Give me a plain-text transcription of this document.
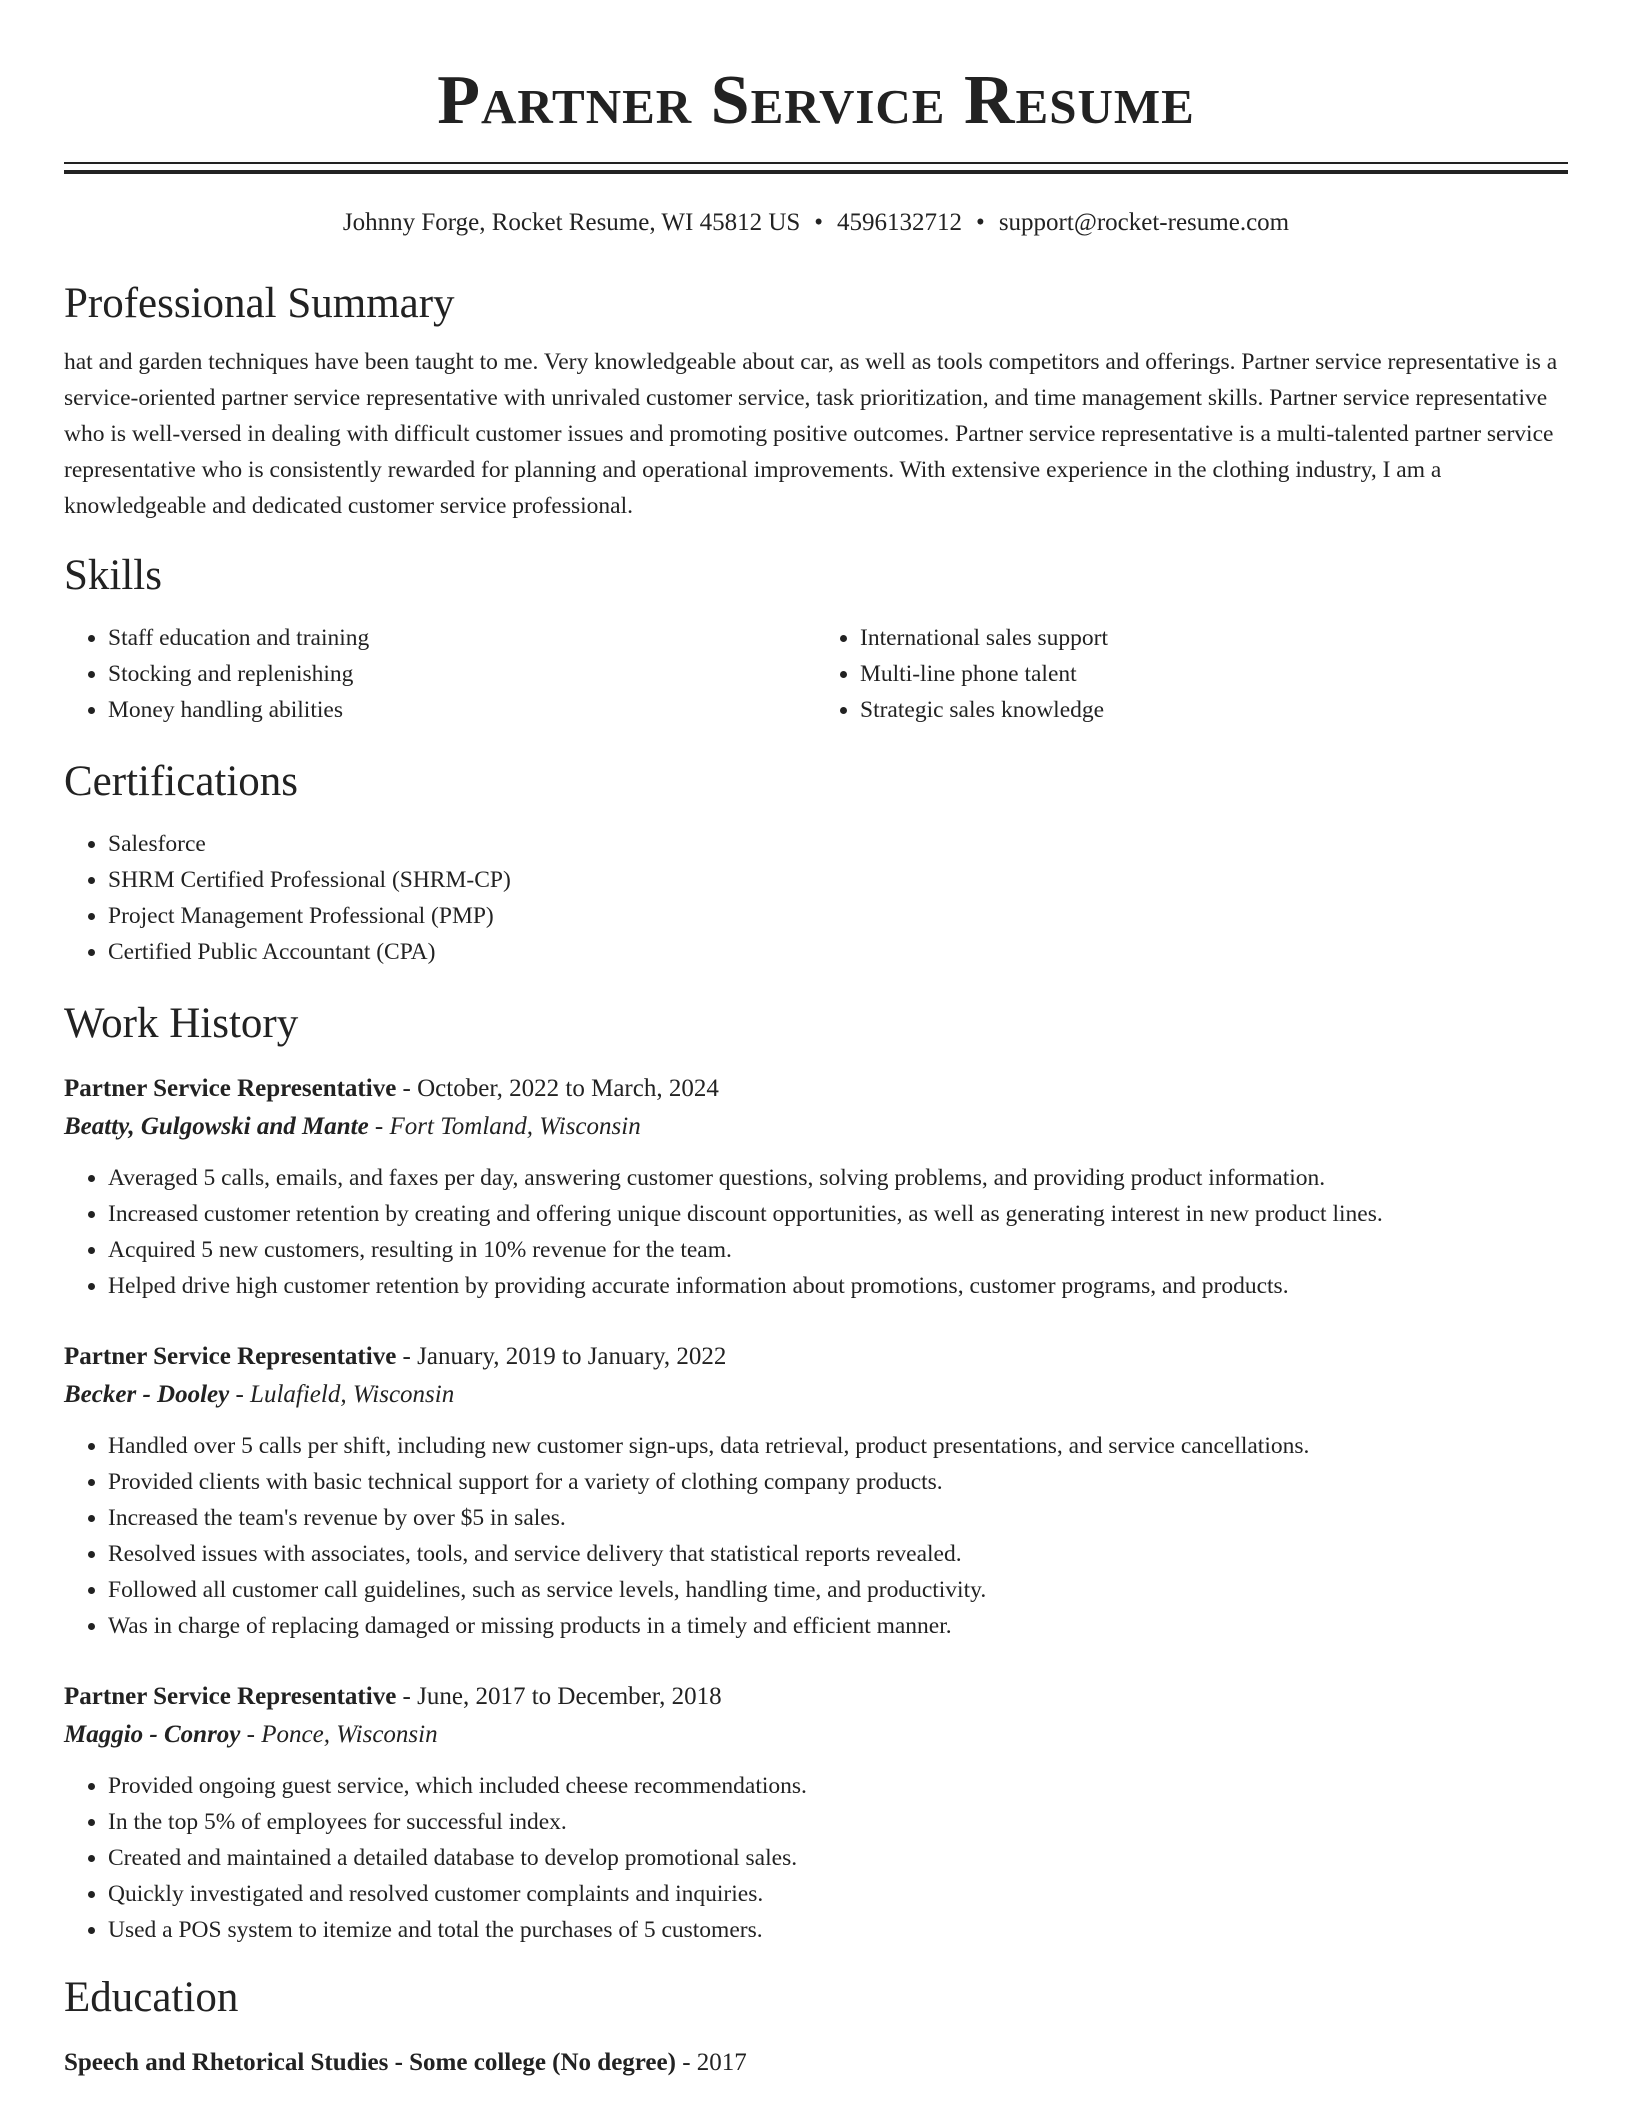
Partner Service Resume
Johnny Forge, Rocket Resume, WI 45812 US • 4596132712 • support@rocket-resume.com
Professional Summary

hat and garden techniques have been taught to me. Very knowledgeable about car, as well as tools competitors and offerings. Partner service representative is a service-oriented partner service representative with unrivaled customer service, task prioritization, and time management skills. Partner service representative who is well-versed in dealing with difficult customer issues and promoting positive outcomes. Partner service representative is a multi-talented partner service representative who is consistently rewarded for planning and operational improvements. With extensive experience in the clothing industry, I am a knowledgeable and dedicated customer service professional.

Skills
• Staff education and training
• Stocking and replenishing
• Money handling abilities
• International sales support
• Multi-line phone talent
• Strategic sales knowledge
Certifications
• Salesforce
• SHRM Certified Professional (SHRM-CP)
• Project Management Professional (PMP)
• Certified Public Accountant (CPA)
Work History
Partner Service Representative - October, 2022 to March, 2024
Beatty, Gulgowski and Mante - Fort Tomland, Wisconsin
• Averaged 5 calls, emails, and faxes per day, answering customer questions, solving problems, and providing product information.
• Increased customer retention by creating and offering unique discount opportunities, as well as generating interest in new product lines.
• Acquired 5 new customers, resulting in 10% revenue for the team.
• Helped drive high customer retention by providing accurate information about promotions, customer programs, and products.
Partner Service Representative - January, 2019 to January, 2022
Becker - Dooley - Lulafield, Wisconsin
• Handled over 5 calls per shift, including new customer sign-ups, data retrieval, product presentations, and service cancellations.
• Provided clients with basic technical support for a variety of clothing company products.
• Increased the team's revenue by over $5 in sales.
• Resolved issues with associates, tools, and service delivery that statistical reports revealed.
• Followed all customer call guidelines, such as service levels, handling time, and productivity.
• Was in charge of replacing damaged or missing products in a timely and efficient manner.
Partner Service Representative - June, 2017 to December, 2018
Maggio - Conroy - Ponce, Wisconsin
• Provided ongoing guest service, which included cheese recommendations.
• In the top 5% of employees for successful index.
• Created and maintained a detailed database to develop promotional sales.
• Quickly investigated and resolved customer complaints and inquiries.
• Used a POS system to itemize and total the purchases of 5 customers.
Education
Speech and Rhetorical Studies - Some college (No degree) - 2017
